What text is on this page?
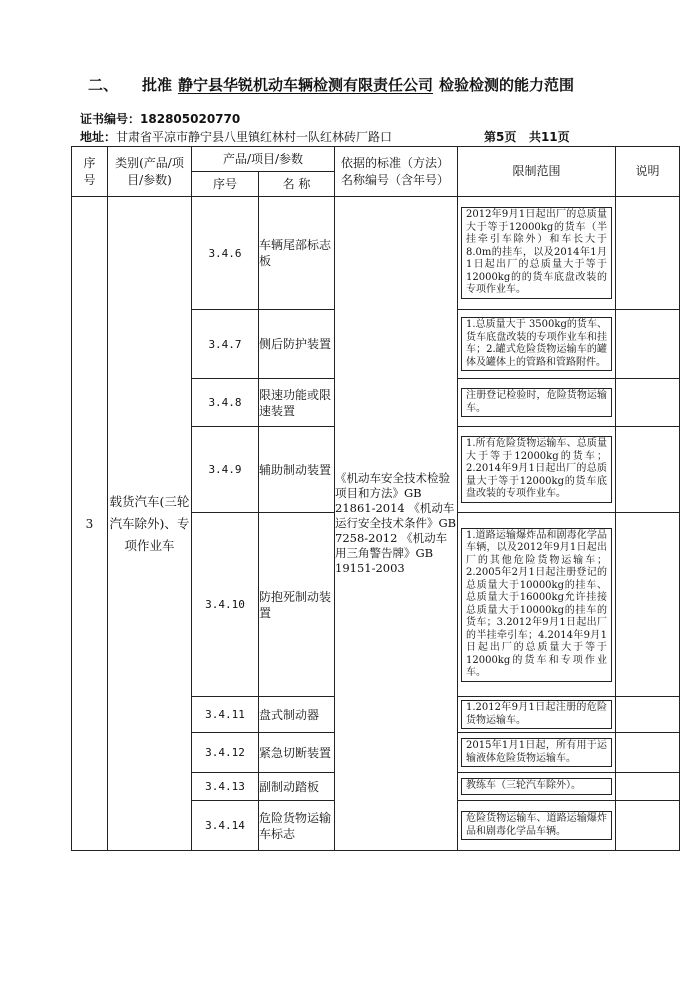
二、 批准 静宁县华锐机动车辆检测有限责任公司 检验检测的能力范围
证书编号：182805020770
地址：甘肃省平凉市静宁县八里镇红林村一队红林砖厂路口	第5页 共11页
序号	类别(产品/项目/参数)	产品/项目/参数		依据的标准（方法）名称编号（含年号）	限制范围	说明
		序号	名 称			
3	载货汽车(三轮汽车除外)、专项作业车	3.4.6	车辆尾部标志板	《机动车安全技术检验项目和方法》GB 21861-2014 《机动车运行安全技术条件》GB 7258-2012 《机动车用三角警告牌》GB 19151-2003	2012年9月1日起出厂的总质量大于等于12000kg的货车（半挂牵引车除外）和车长大于8.0m的挂车，以及2014年1月1日起出厂的总质量大于等于12000kg的的货车底盘改装的专项作业车。	

		3.4.7	侧后防护装置		1.总质量大于 3500kg的货车、货车底盘改装的专项作业车和挂车；2.罐式危险货物运输车的罐体及罐体上的管路和管路附件。	

		3.4.8	限速功能或限速装置		注册登记检验时，危险货物运输车。	

		3.4.9	辅助制动装置		1.所有危险货物运输车、总质量大于等于12000kg的货车；2.2014年9月1日起出厂的总质量大于等于12000kg的货车底盘改装的专项作业车。	

		3.4.10	防抱死制动装置		1.道路运输爆炸品和剧毒化学品车辆，以及2012年9月1日起出厂的其他危险货物运输车；2.2005年2月1日起注册登记的总质量大于10000kg的挂车、总质量大于16000kg允许挂接总质量大于10000kg的挂车的货车；3.2012年9月1日起出厂的半挂牵引车；4.2014年9月1日起出厂的总质量大于等于12000kg的货车和专项作业车。	

		3.4.11	盘式制动器		1.2012年9月1日起注册的危险货物运输车。	

		3.4.12	紧急切断装置		2015年1月1日起，所有用于运输液体危险货物运输车。	

		3.4.13	副制动踏板		教练车（三轮汽车除外）。	

		3.4.14	危险货物运输车标志		危险货物运输车、道路运输爆炸品和剧毒化学品车辆。	
